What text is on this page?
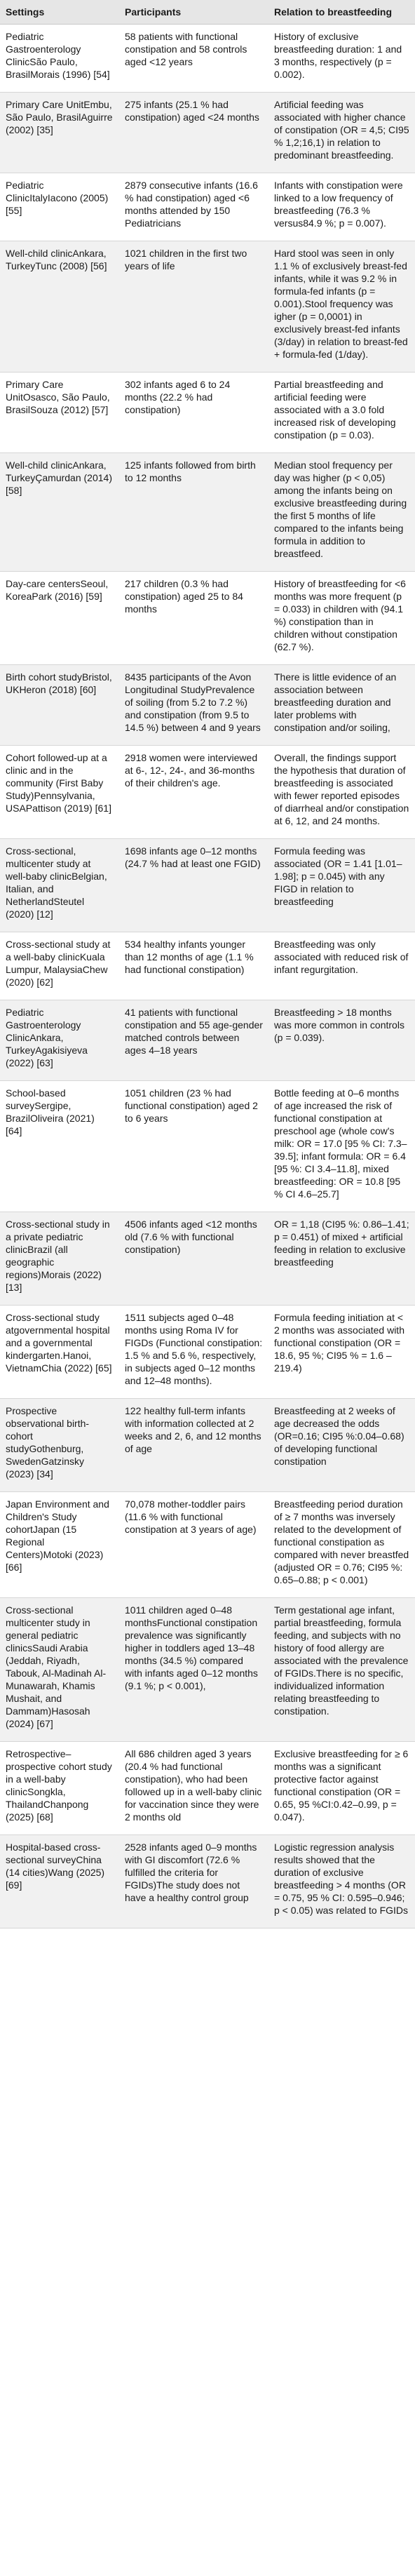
Settings	Participants	Relation to breastfeeding
Pediatric Gastroenterology ClinicSão Paulo, BrasilMorais (1996) [54]	58 patients with functional constipation and 58 controls aged <12 years	History of exclusive breastfeeding duration: 1 and 3 months, respectively (p = 0.002).
Primary Care UnitEmbu, São Paulo, BrasilAguirre (2002) [35]	275 infants (25.1 % had constipation) aged <24 months	Artificial feeding was associated with higher chance of constipation (OR = 4,5; CI95 % 1,2;16,1) in relation to predominant breastfeeding.
Pediatric ClinicItalyIacono (2005) [55]	2879 consecutive infants (16.6 % had constipation) aged <6 months attended by 150 Pediatricians	Infants with constipation were linked to a low frequency of breastfeeding (76.3 % versus84.9 %; p = 0.007).
Well-child clinicAnkara, TurkeyTunc (2008) [56]	1021 children in the first two years of life	Hard stool was seen in only 1.1 % of exclusively breast-fed infants, while it was 9.2 % in formula-fed infants (p = 0.001).Stool frequency was igher (p = 0,0001) in exclusively breast-fed infants (3/day) in relation to breast-fed + formula-fed (1/day).
Primary Care UnitOsasco, São Paulo, BrasilSouza (2012) [57]	302 infants aged 6 to 24 months (22.2 % had constipation)	Partial breastfeeding and artificial feeding were associated with a 3.0 fold increased risk of developing constipation (p = 0.03).
Well-child clinicAnkara, TurkeyÇamurdan (2014) [58]	125 infants followed from birth to 12 months	Median stool frequency per day was higher (p < 0,05) among the infants being on exclusive breastfeeding during the first 5 months of life compared to the infants being formula in addition to breastfeed.
Day-care centersSeoul, KoreaPark (2016) [59]	217 children (0.3 % had constipation) aged 25 to 84 months	History of breastfeeding for <6 months was more frequent (p = 0.033) in children with (94.1 %) constipation than in children without constipation (62.7 %).
Birth cohort studyBristol, UKHeron (2018) [60]	8435 participants of the Avon Longitudinal StudyPrevalence of soiling (from 5.2 to 7.2 %) and constipation (from 9.5 to 14.5 %) between 4 and 9 years	There is little evidence of an association between breastfeeding duration and later problems with constipation and/or soiling,
Cohort followed-up at a clinic and in the community (First Baby Study)Pennsylvania, USAPattison (2019) [61]	2918 women were interviewed at 6-, 12-, 24-, and 36-months of their children's age.	Overall, the findings support the hypothesis that duration of breastfeeding is associated with fewer reported episodes of diarrheal and/or constipation at 6, 12, and 24 months.
Cross-sectional, multicenter study at well-baby clinicBelgian, Italian, and NetherlandSteutel (2020) [12]	1698 infants age 0–12 months (24.7 % had at least one FGID)	Formula feeding was associated (OR = 1.41 [1.01–1.98]; p = 0.045) with any FIGD in relation to breastfeeding
Cross-sectional study at a well-baby clinicKuala Lumpur, MalaysiaChew (2020) [62]	534 healthy infants younger than 12 months of age (1.1 % had functional constipation)	Breastfeeding was only associated with reduced risk of infant regurgitation.
Pediatric Gastroenterology ClinicAnkara, TurkeyAgakisiyeva (2022) [63]	41 patients with functional constipation and 55 age-gender matched controls between ages 4–18 years	Breastfeeding > 18 months was more common in controls (p = 0.039).
School-based surveySergipe, BrazilOliveira (2021) [64]	1051 children (23 % had functional constipation) aged 2 to 6 years	Bottle feeding at 0–6 months of age increased the risk of functional constipation at preschool age (whole cow's milk: OR = 17.0 [95 % CI: 7.3–39.5]; infant formula: OR = 6.4 [95 %: CI 3.4–11.8], mixed breastfeeding: OR = 10.8 [95 % CI 4.6–25.7]
Cross-sectional study in a private pediatric clinicBrazil (all geographic regions)Morais (2022) [13]	4506 infants aged <12 months old (7.6 % with functional constipation)	OR = 1,18 (CI95 %: 0.86–1.41; p = 0.451) of mixed + artificial feeding in relation to exclusive breastfeeding
Cross-sectional study atgovernmental hospital and a governmental kindergarten.Hanoi, VietnamChia (2022) [65]	1511 subjects aged 0–48 months using Roma IV for FIGDs (Functional constipation: 1.5 % and 5.6 %, respectively, in subjects aged 0–12 months and 12–48 months).	Formula feeding initiation at < 2 months was associated with functional constipation (OR = 18.6, 95 %; CI95 % = 1.6 –219.4)
Prospective observational birth-cohort studyGothenburg, SwedenGatzinsky (2023) [34]	122 healthy full-term infants with information collected at 2 weeks and 2, 6, and 12 months of age	Breastfeeding at 2 weeks of age decreased the odds (OR=0.16; CI95 %:0.04–0.68) of developing functional constipation
Japan Environment and Children's Study cohortJapan (15 Regional Centers)Motoki (2023) [66]	70,078 mother-toddler pairs (11.6 % with functional constipation at 3 years of age)	Breastfeeding period duration of ≥ 7 months was inversely related to the development of functional constipation as compared with never breastfed (adjusted OR = 0.76; CI95 %: 0.65–0.88; p < 0.001)
Cross-sectional multicenter study in general pediatric clinicsSaudi Arabia (Jeddah, Riyadh, Tabouk, Al-Madinah Al-Munawarah, Khamis Mushait, and Dammam)Hasosah (2024) [67]	1011 children aged 0–48 monthsFunctional constipation prevalence was significantly higher in toddlers aged 13–48 months (34.5 %) compared with infants aged 0–12 months (9.1 %; p < 0.001),	Term gestational age infant, partial breastfeeding, formula feeding, and subjects with no history of food allergy are associated with the prevalence of FGIDs.There is no specific, individualized information relating breastfeeding to constipation.
Retrospective–prospective cohort study in a well-baby clinicSongkla, ThailandChanpong (2025) [68]	All 686 children aged 3 years (20.4 % had functional constipation), who had been followed up in a well-baby clinic for vaccination since they were 2 months old	Exclusive breastfeeding for ≥ 6 months was a significant protective factor against functional constipation (OR = 0.65, 95 %CI:0.42–0.99, p = 0.047).
Hospital-based cross-sectional surveyChina (14 cities)Wang (2025) [69]	2528 infants aged 0–9 months with GI discomfort (72.6 % fulfilled the criteria for FGIDs)The study does not have a healthy control group	Logistic regression analysis results showed that the duration of exclusive breastfeeding > 4 months (OR = 0.75, 95 % CI: 0.595–0.946; p < 0.05) was related to FGIDs
